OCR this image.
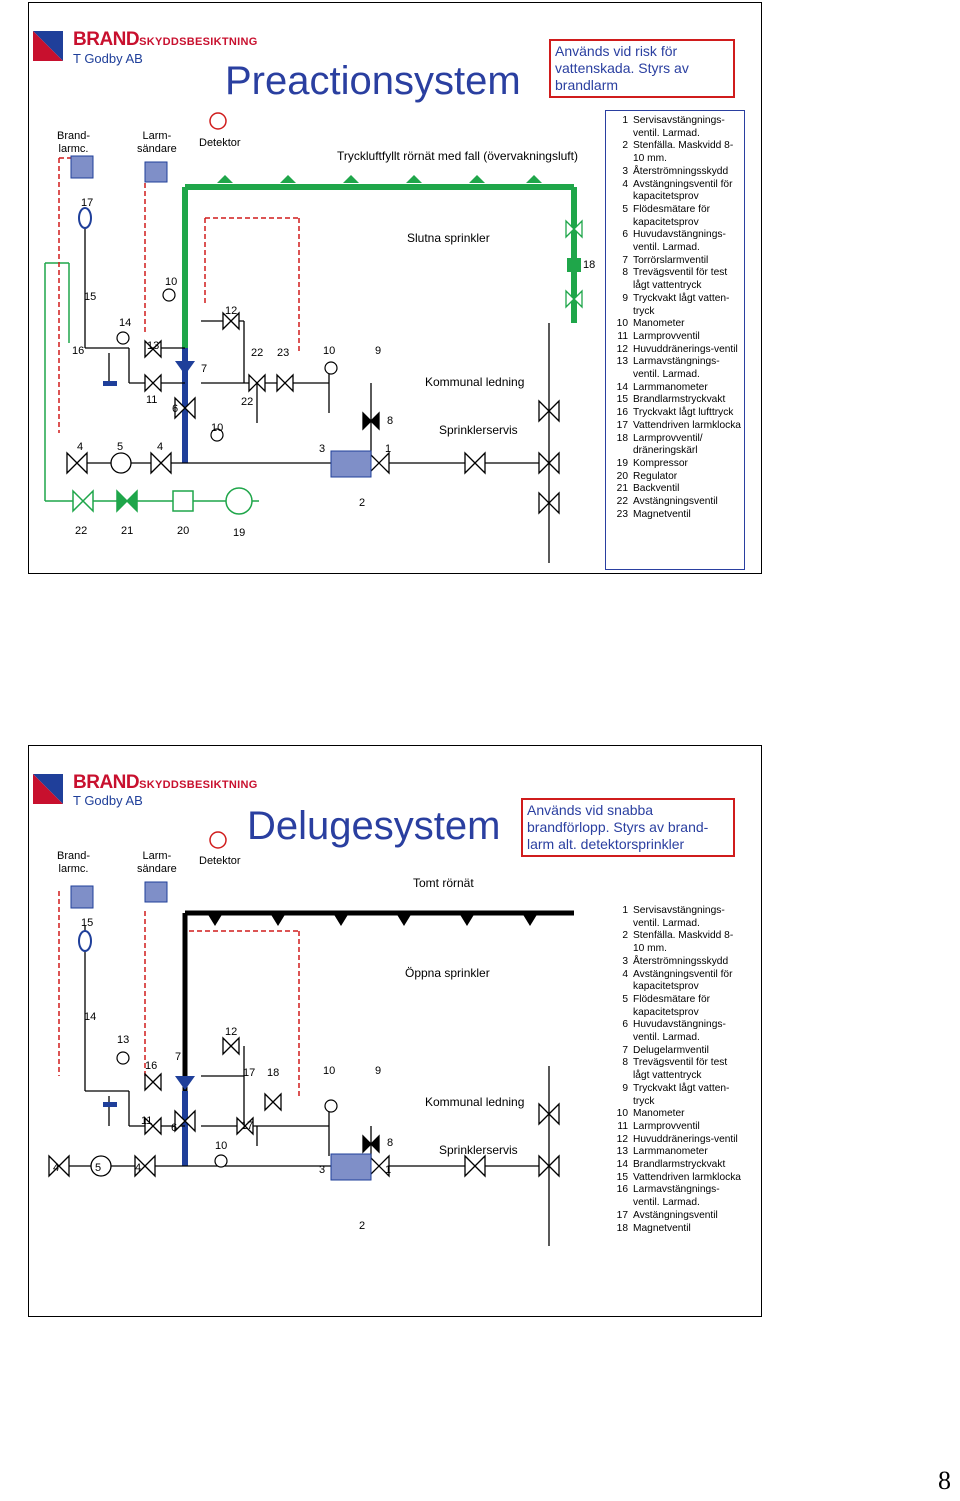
BRANDSKYDDSBESIKTNING
T Godby AB
Preactionsystem
Används vid risk för vattenskada. Styrs av brandlarm
Brand-
larmc.
Larm-
sändare Detektor
Tryckluftfyllt rörnät med fall (övervakningsluft)
Slutna sprinkler
Kommunal ledning
Sprinklerservis
17
15
16
14
13
10
12
7
6
11
4	5	4
10
22
22
23	10	9
8
3	1
2
18
22	21	20	19
1 Servisavstängnings-ventil. Larmad.
2 Stenfälla. Maskvidd 8-10 mm.
3 Återströmningsskydd
4 Avstängningsventil för kapacitetsprov
5 Flödesmätare för kapacitetsprov
6 Huvudavstängnings-ventil. Larmad.
7 Torrörslarmventil
8 Trevägsventil för test lågt vattentryck
9 Tryckvakt lågt vatten-tryck
10 Manometer
11 Larmprovventil
12 Huvuddränerings-ventil
13 Larmavstängnings-ventil. Larmad.
14 Larmmanometer
15 Brandlarmstryckvakt
16 Tryckvakt lågt lufttryck
17 Vattendriven larmklocka
18 Larmprovventil/ dräneringskärl
19 Kompressor
20 Regulator
21 Backventil
22 Avstängningsventil
23 Magnetventil
BRANDSKYDDSBESIKTNING
T Godby AB
Delugesystem	Används vid snabba brandförlopp. Styrs av brand-larm alt. detektorsprinkler
Brand-
larmc.
Larm-
sändare
Detektor
Tomt rörnät
Öppna sprinkler
Kommunal ledning
Sprinklerservis
15
14
13
16
7
12
11
6
17 18
17
10
10	9
8
3	1
2
4	5	4
1 Servisavstängnings-ventil. Larmad.
2 Stenfälla. Maskvidd 8-10 mm.
3 Återströmningsskydd
4 Avstängningsventil för kapacitetsprov
5 Flödesmätare för kapacitetsprov
6 Huvudavstängnings-ventil. Larmad.
7 Delugelarmventil
8 Trevägsventil för test lågt vattentryck
9 Tryckvakt lågt vatten-tryck
10 Manometer
11 Larmprovventil
12 Huvuddränerings-ventil
13 Larmmanometer
14 Brandlarmstryckvakt
15 Vattendriven larmklocka
16 Larmavstängnings-ventil. Larmad.
17 Avstängningsventil
18 Magnetventil
8
